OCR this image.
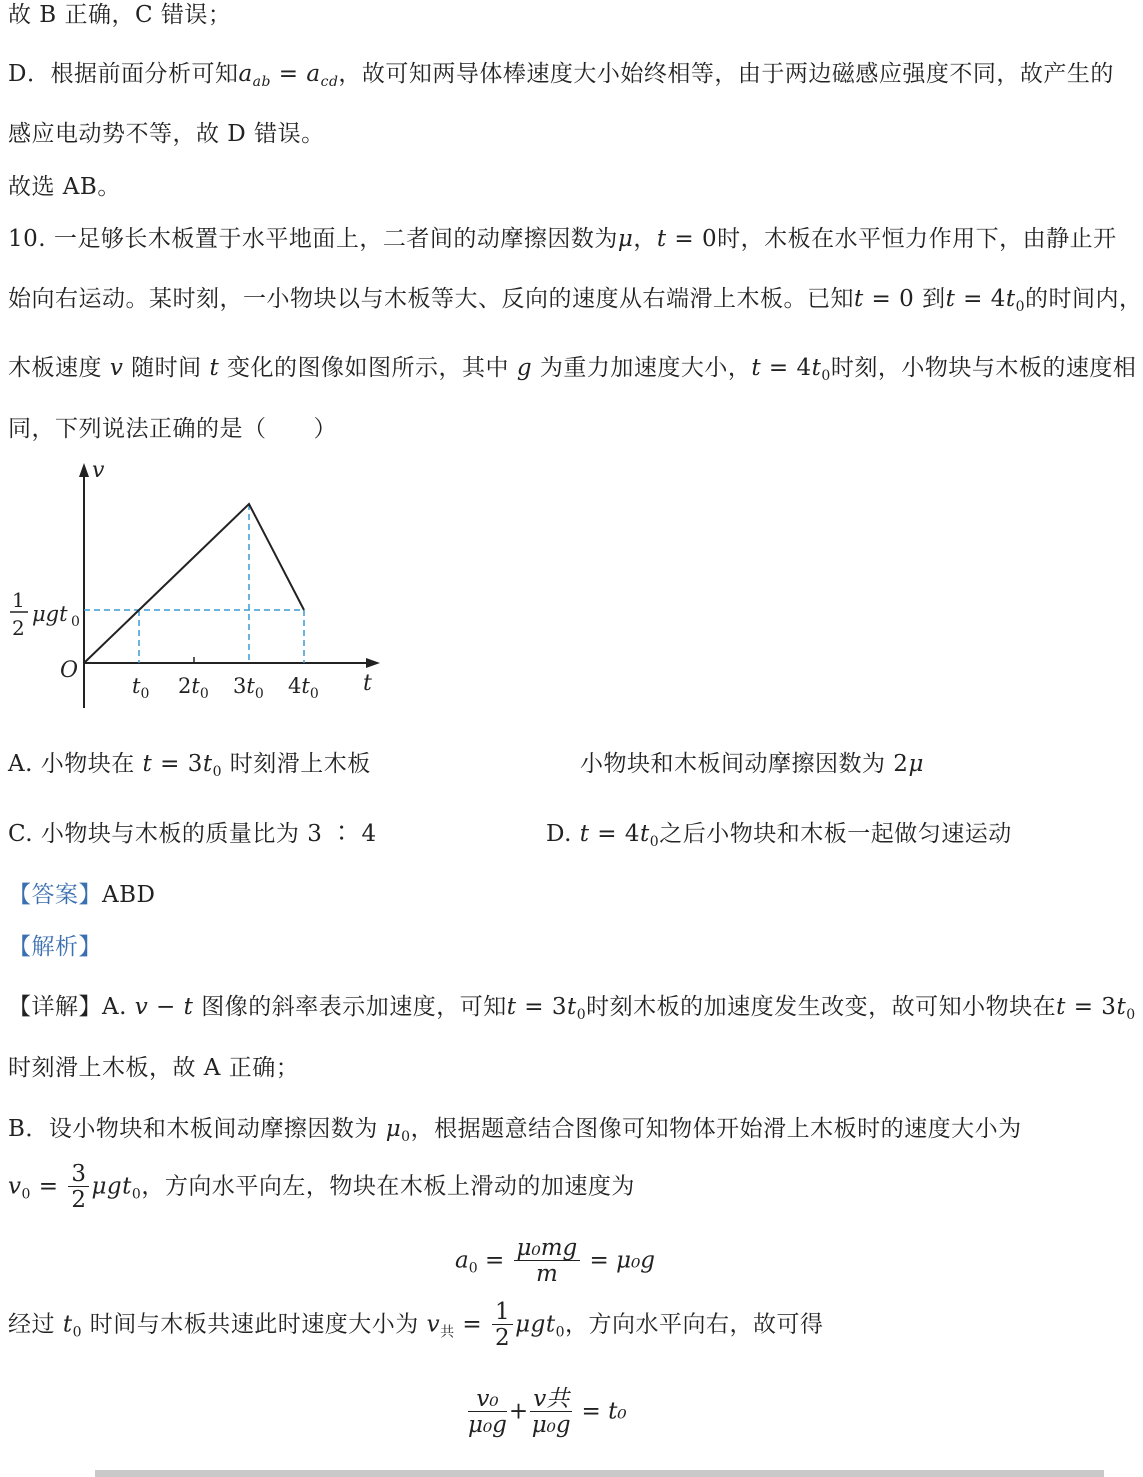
故 B 正确，C 错误；
D．根据前面分析可知$a_{ab} = a_{cd}$，故可知两导体棒速度大小始终相等，由于两边磁感应强度不同，故产生的
感应电动势不等，故 D 错误。
故选 AB。
10. 一足够长木板置于水平地面上，二者间的动摩擦因数为μ，t = 0时，木板在水平恒力作用下，由静止开
始向右运动。某时刻，一小物块以与木板等大、反向的速度从右端滑上木板。已知t = 0 到$t = 4t_0$的时间内，
木板速度 v 随时间 t 变化的图像如图所示，其中 g 为重力加速度大小，$t = 4t_0$时刻，小物块与木板的速度相
同，下列说法正确的是（　　）
v
t
O
1
2
μgt 0
$t_0$ $2t_0$ $3t_0$ $4t_0$
A. 小物块在 $t = 3t_0$ 时刻滑上木板	小物块和木板间动摩擦因数为 2μ
C. 小物块与木板的质量比为 3 ∶ 4	D. $t = 4t_0$之后小物块和木板一起做匀速运动
【答案】ABD
【解析】
【详解】A. v − t 图像的斜率表示加速度，可知$t = 3t_0$时刻木板的加速度发生改变，故可知小物块在$t = 3t_0$
时刻滑上木板，故 A 正确；
B．设小物块和木板间动摩擦因数为 $\mu_0$，根据题意结合图像可知物体开始滑上木板时的速度大小为
$v_0 = \frac{3}{2} \mu gt_0$，方向水平向左，物块在木板上滑动的加速度为
$a_0 = \frac{\text{μ₀mg}}{m} = \mu_0g$
经过 $t_0$ 时间与木板共速此时速度大小为 $v_共 = \frac{1}{2} \mu gt_0$，方向水平向右，故可得
$\frac{\text{v₀}}{\text{μ₀g}} + \frac{\text{v共}}{\text{μ₀g}} = t_0$
